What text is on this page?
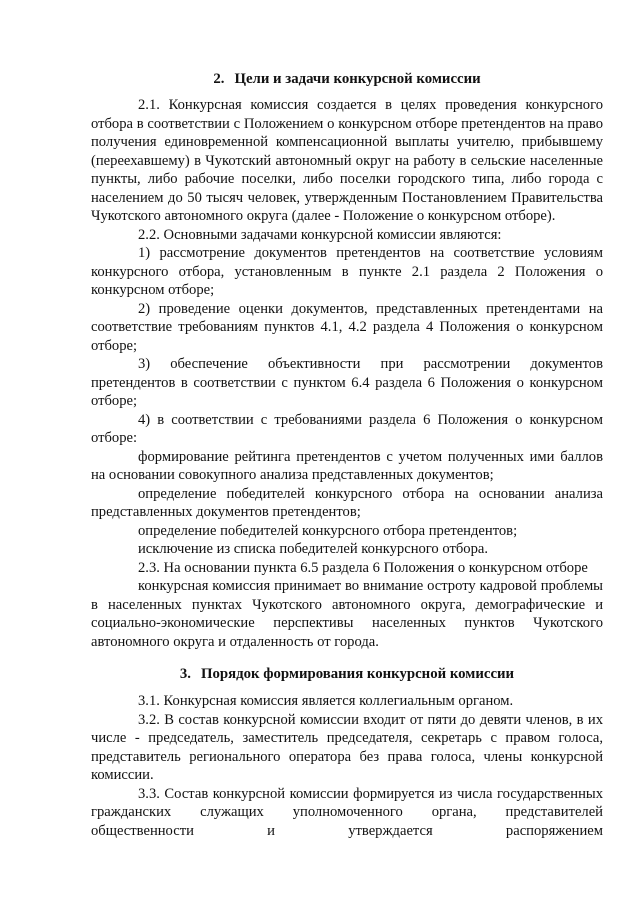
2. Цели и задачи конкурсной комиссии

2.1. Конкурсная комиссия создается в целях проведения конкурсного отбора в соответствии с Положением о конкурсном отборе претендентов на право получения единовременной компенсационной выплаты учителю, прибывшему (переехавшему) в Чукотский автономный округ на работу в сельские населенные пункты, либо рабочие поселки, либо поселки городского типа, либо города с населением до 50 тысяч человек, утвержденным Постановлением Правительства Чукотского автономного округа (далее - Положение о конкурсном отборе).

2.2. Основными задачами конкурсной комиссии являются:

1) рассмотрение документов претендентов на соответствие условиям конкурсного отбора, установленным в пункте 2.1 раздела 2 Положения о конкурсном отборе;

2) проведение оценки документов, представленных претендентами на соответствие требованиям пунктов 4.1, 4.2 раздела 4 Положения о конкурсном отборе;

3) обеспечение объективности при рассмотрении документов претендентов в соответствии с пунктом 6.4 раздела 6 Положения о конкурсном отборе;

4) в соответствии с требованиями раздела 6 Положения о конкурсном отборе:

формирование рейтинга претендентов с учетом полученных ими баллов на основании совокупного анализа представленных документов;

определение победителей конкурсного отбора на основании анализа представленных документов претендентов;

определение победителей конкурсного отбора претендентов;

исключение из списка победителей конкурсного отбора.

2.3. На основании пункта 6.5 раздела 6 Положения о конкурсном отборе

конкурсная комиссия принимает во внимание остроту кадровой проблемы в населенных пунктах Чукотского автономного округа, демографические и социально-экономические перспективы населенных пунктов Чукотского автономного округа и отдаленность от города.

3. Порядок формирования конкурсной комиссии

3.1. Конкурсная комиссия является коллегиальным органом.

3.2. В состав конкурсной комиссии входит от пяти до девяти членов, в их числе - председатель, заместитель председателя, секретарь с правом голоса, представитель регионального оператора без права голоса, члены конкурсной комиссии.

3.3. Состав конкурсной комиссии формируется из числа государственных гражданских служащих уполномоченного органа, представителей общественности и утверждается распоряжением
